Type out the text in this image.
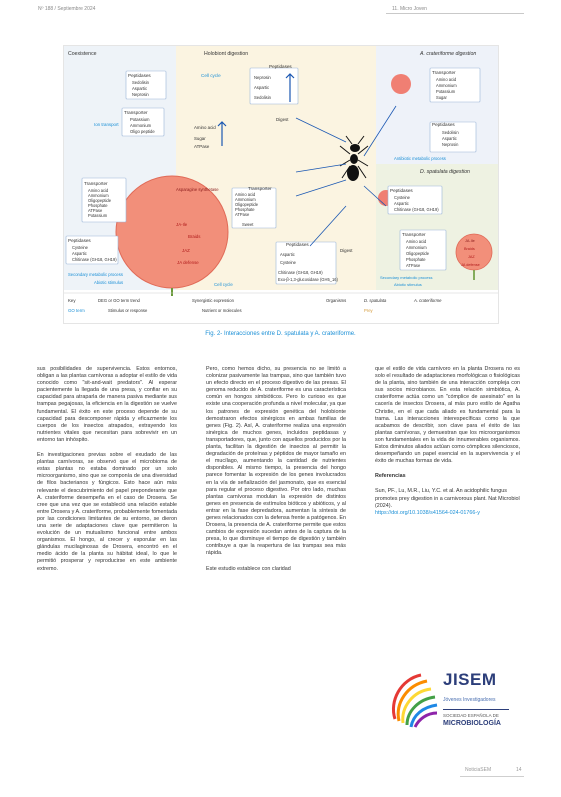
Nº 188 / Septiembre 2024	11. Micro Joven
Coexistence	Holobiont digestion	A. crateriforme digestion
D. spatulata digestion
Peptidases
Sedolisin
Aspartic
Neprosin
Cell cycle
Transporter
Potassium
Ammonium
Oligo peptide
Ion transport
Amino acid
Sugar
ATPase
Peptidases
Neprosin
Aspartic
Sedolisin
Digest
Transporter
Amino acid
Ammonium
Oligopeptide
Phosphate
ATPase
Potassium
Peptidases
Cysteine
Aspartic
Chitinase (GH18, GH19)
Asparagine synthetase
JA-Ile
Braids
JAZ
JA defense
Cell cycle
Secondary metabolic process
Abiotic stimulus
Transporter
Amino acid
Ammonium
Oligopeptide
Phosphate
ATPase
Sweet
Peptidases
Aspartic
Cysteine
Chitinase (GH18, GH19)
Exo-β-1,3-glucosidase (GH5_16)
Digest
Transporter
Amino acid
Ammonium
Potassium
Sugar
Peptidases
Sedolisin
Aspartic
Neprosin
Antibiotic metabolic process
Peptidases
Cysteine
Aspartic
Chitinase (GH18, GH19)
Transporter
Amino acid
Ammonium
Oligopeptide
Phosphate
ATPase
JA-Ile
Braids
JAZ
JA defense
Secondary metabolic process
Abiotic stimulus
Key
GO term
DEG or GO term trend
Stimulus or response
Synergistic expression
Nutrient or molecules
Organisms	D. spatulata	A. crateriforme
Prey
Fig. 2- Interacciones entre D. spatulata y A. crateriforme.

sus posibilidades de supervivencia. Estos entornos, obligan a las plantas carnívoras a adoptar el estilo de vida conocido como "sit-and-wait predators". Al esperar pacientemente la llegada de una presa, y confiar en su capacidad para atraparla de manera pasiva mediante sus trampas pegajosas, la eficiencia en la digestión se vuelve fundamental. El éxito en este proceso depende de su capacidad para descomponer rápida y eficazmente los cuerpos de los insectos atrapados, extrayendo los nutrientes vitales que necesitan para sobrevivir en un entorno tan inhóspito.

En investigaciones previas sobre el exudado de las plantas carnívoras, se observó que el microbioma de estas plantas no estaba dominado por un solo microorganismo, sino que se componía de una diversidad de filos bacterianos y fúngicos. Esto hace aún más relevante el descubrimiento del papel preponderante que A. crateriforme desempeña en el caso de Drosera. Se cree que una vez que se estableció una relación estable entre Drosera y A. crateriforme, probablemente fomentada por las condiciones limitantes de su entorno, se dieron una serie de adaptaciones clave que permitieron la evolución de un mutualismo funcional entre ambos organismos. El hongo, al crecer y esporular en las glándulas mucilaginosas de Drosera, encontró en el medio ácido de la planta su hábitat ideal, lo que le permitió prosperar y reproducirse en este ambiente extremo.

Pero, como hemos dicho, su presencia no se limitó a colonizar pasivamente las trampas, sino que también tuvo un efecto directo en el proceso digestivo de las presas. El genoma reducido de A. crateriforme es una característica común en hongos simbióticos. Pero lo curioso es que existe una cooperación profunda a nivel molecular, ya que los patrones de expresión genética del holobionte demostraron efectos sinérgicos en ambas familias de genes (Fig. 2). Así, A. crateriforme realiza una expresión sinérgica de muchos genes, incluidos peptidasas y transportadores, que, junto con aquellos producidos por la planta, facilitan la digestión de insectos al permitir la degradación de proteínas y péptidos de mayor tamaño en el mucílago, aumentando la cantidad de nutrientes disponibles. Al mismo tiempo, la presencia del hongo parece fomentar la expresión de los genes involucrados en la vía de señalización del jasmonato, que es esencial para regular el proceso digestivo. Por otro lado, muchas plantas carnívoras modulan la expresión de distintos genes en presencia de estímulos bióticos y abióticos, y al entrar en la fase depredadora, aumentan la síntesis de genes relacionados con la defensa frente a patógenos. En Drosera, la presencia de A. crateriforme permite que estos cambios de expresión sucedan antes de la captura de la presa, lo que disminuye el tiempo de digestión y también contribuye a que la reapertura de las trampas sea más rápida.

Este estudio establece con claridad

que el estilo de vida carnívoro en la planta Drosera no es solo el resultado de adaptaciones morfológicas o fisiológicas de la planta, sino también de una interacción compleja con sus socios microbianos. En esta relación simbiótica, A. crateriforme actúa como un "cómplice de asesinato" en la cacería de insectos Drosera, al más puro estilo de Agatha Christie, en el que cada aliado es fundamental para la trama. Las interacciones interespecíficas como la que acabamos de describir, son clave para el éxito de las plantas carnívoras, y demuestran que los microorganismos son fundamentales en la vida de innumerables organismos. Estos diminutos aliados actúan como cómplices silenciosos, desempeñando un papel esencial en la supervivencia y el éxito de muchas formas de vida.

Referencias
Sun, PF., Lu, M.R., Liu, Y.C. et al. An acidophilic fungus promotes prey digestion in a carnivorous plant. Nat Microbiol (2024).
https://doi.org/10.1038/s41564-024-01766-y
JISEM
Jóvenes Investigadores
SOCIEDAD ESPAÑOLA DE
MICROBIOLOGÍA
NoticiaSEM	14
